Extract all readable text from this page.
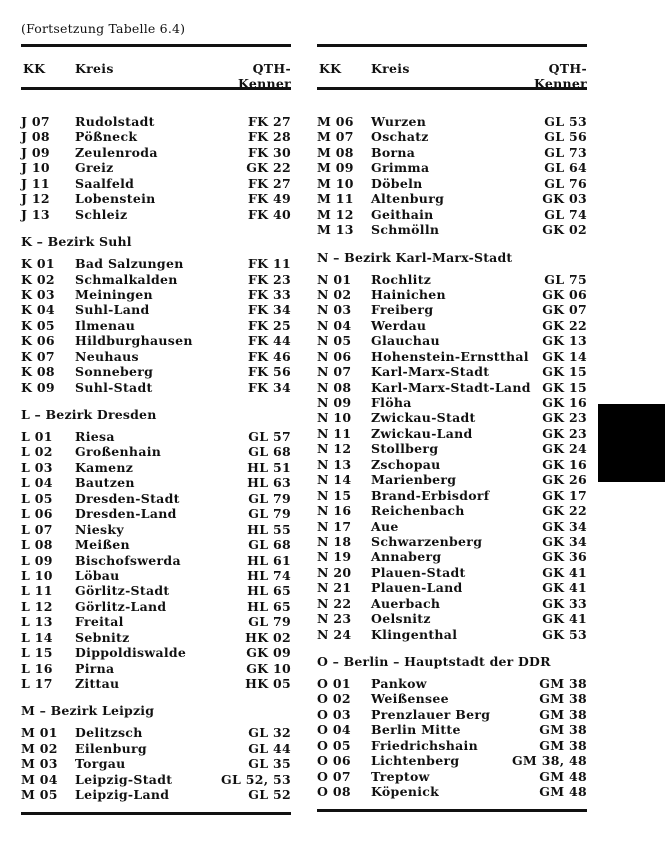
(Fortsetzung Tabelle 6.4)
KK Kreis	QTH-
Kenner
J 07 Rudolstadt	FK 27
J 08 Pößneck	FK 28
J 09 Zeulenroda	FK 30
J 10 Greiz	GK 22
J 11 Saalfeld	FK 27
J 12 Lobenstein	FK 49
J 13 Schleiz	FK 40
K – Bezirk Suhl
K 01 Bad Salzungen	FK 11
K 02 Schmalkalden	FK 23
K 03 Meiningen	FK 33
K 04 Suhl-Land	FK 34
K 05 Ilmenau	FK 25
K 06 Hildburghausen	FK 44
K 07 Neuhaus	FK 46
K 08 Sonneberg	FK 56
K 09 Suhl-Stadt	FK 34
L – Bezirk Dresden
L 01 Riesa	GL 57
L 02 Großenhain	GL 68
L 03 Kamenz	HL 51
L 04 Bautzen	HL 63
L 05 Dresden-Stadt	GL 79
L 06 Dresden-Land	GL 79
L 07 Niesky	HL 55
L 08 Meißen	GL 68
L 09 Bischofswerda	HL 61
L 10 Löbau	HL 74
L 11 Görlitz-Stadt	HL 65
L 12 Görlitz-Land	HL 65
L 13 Freital	GL 79
L 14 Sebnitz	HK 02
L 15 Dippoldiswalde	GK 09
L 16 Pirna	GK 10
L 17 Zittau	HK 05
M – Bezirk Leipzig
M 01 Delitzsch	GL 32
M 02 Eilenburg	GL 44
M 03 Torgau	GL 35
M 04 Leipzig-Stadt	GL 52, 53
M 05 Leipzig-Land	GL 52
KK Kreis	QTH-
Kenner
M 06 Wurzen	GL 53
M 07 Oschatz	GL 56
M 08 Borna	GL 73
M 09 Grimma	GL 64
M 10 Döbeln	GL 76
M 11 Altenburg	GK 03
M 12 Geithain	GL 74
M 13 Schmölln	GK 02
N – Bezirk Karl-Marx-Stadt
N 01 Rochlitz	GL 75
N 02 Hainichen	GK 06
N 03 Freiberg	GK 07
N 04 Werdau	GK 22
N 05 Glauchau	GK 13
N 06 Hohenstein-Ernstthal GK 14
N 07 Karl-Marx-Stadt	GK 15
N 08 Karl-Marx-Stadt-Land GK 15
N 09 Flöha	GK 16
N 10 Zwickau-Stadt	GK 23
N 11 Zwickau-Land	GK 23
N 12 Stollberg	GK 24
N 13 Zschopau	GK 16
N 14 Marienberg	GK 26
N 15 Brand-Erbisdorf	GK 17
N 16 Reichenbach	GK 22
N 17 Aue	GK 34
N 18 Schwarzenberg	GK 34
N 19 Annaberg	GK 36
N 20 Plauen-Stadt	GK 41
N 21 Plauen-Land	GK 41
N 22 Auerbach	GK 33
N 23 Oelsnitz	GK 41
N 24 Klingenthal	GK 53
O – Berlin – Hauptstadt der DDR
O 01 Pankow	GM 38
O 02 Weißensee	GM 38
O 03 Prenzlauer Berg	GM 38
O 04 Berlin Mitte	GM 38
O 05 Friedrichshain	GM 38
O 06 Lichtenberg	GM 38, 48
O 07 Treptow	GM 48
O 08 Köpenick	GM 48
